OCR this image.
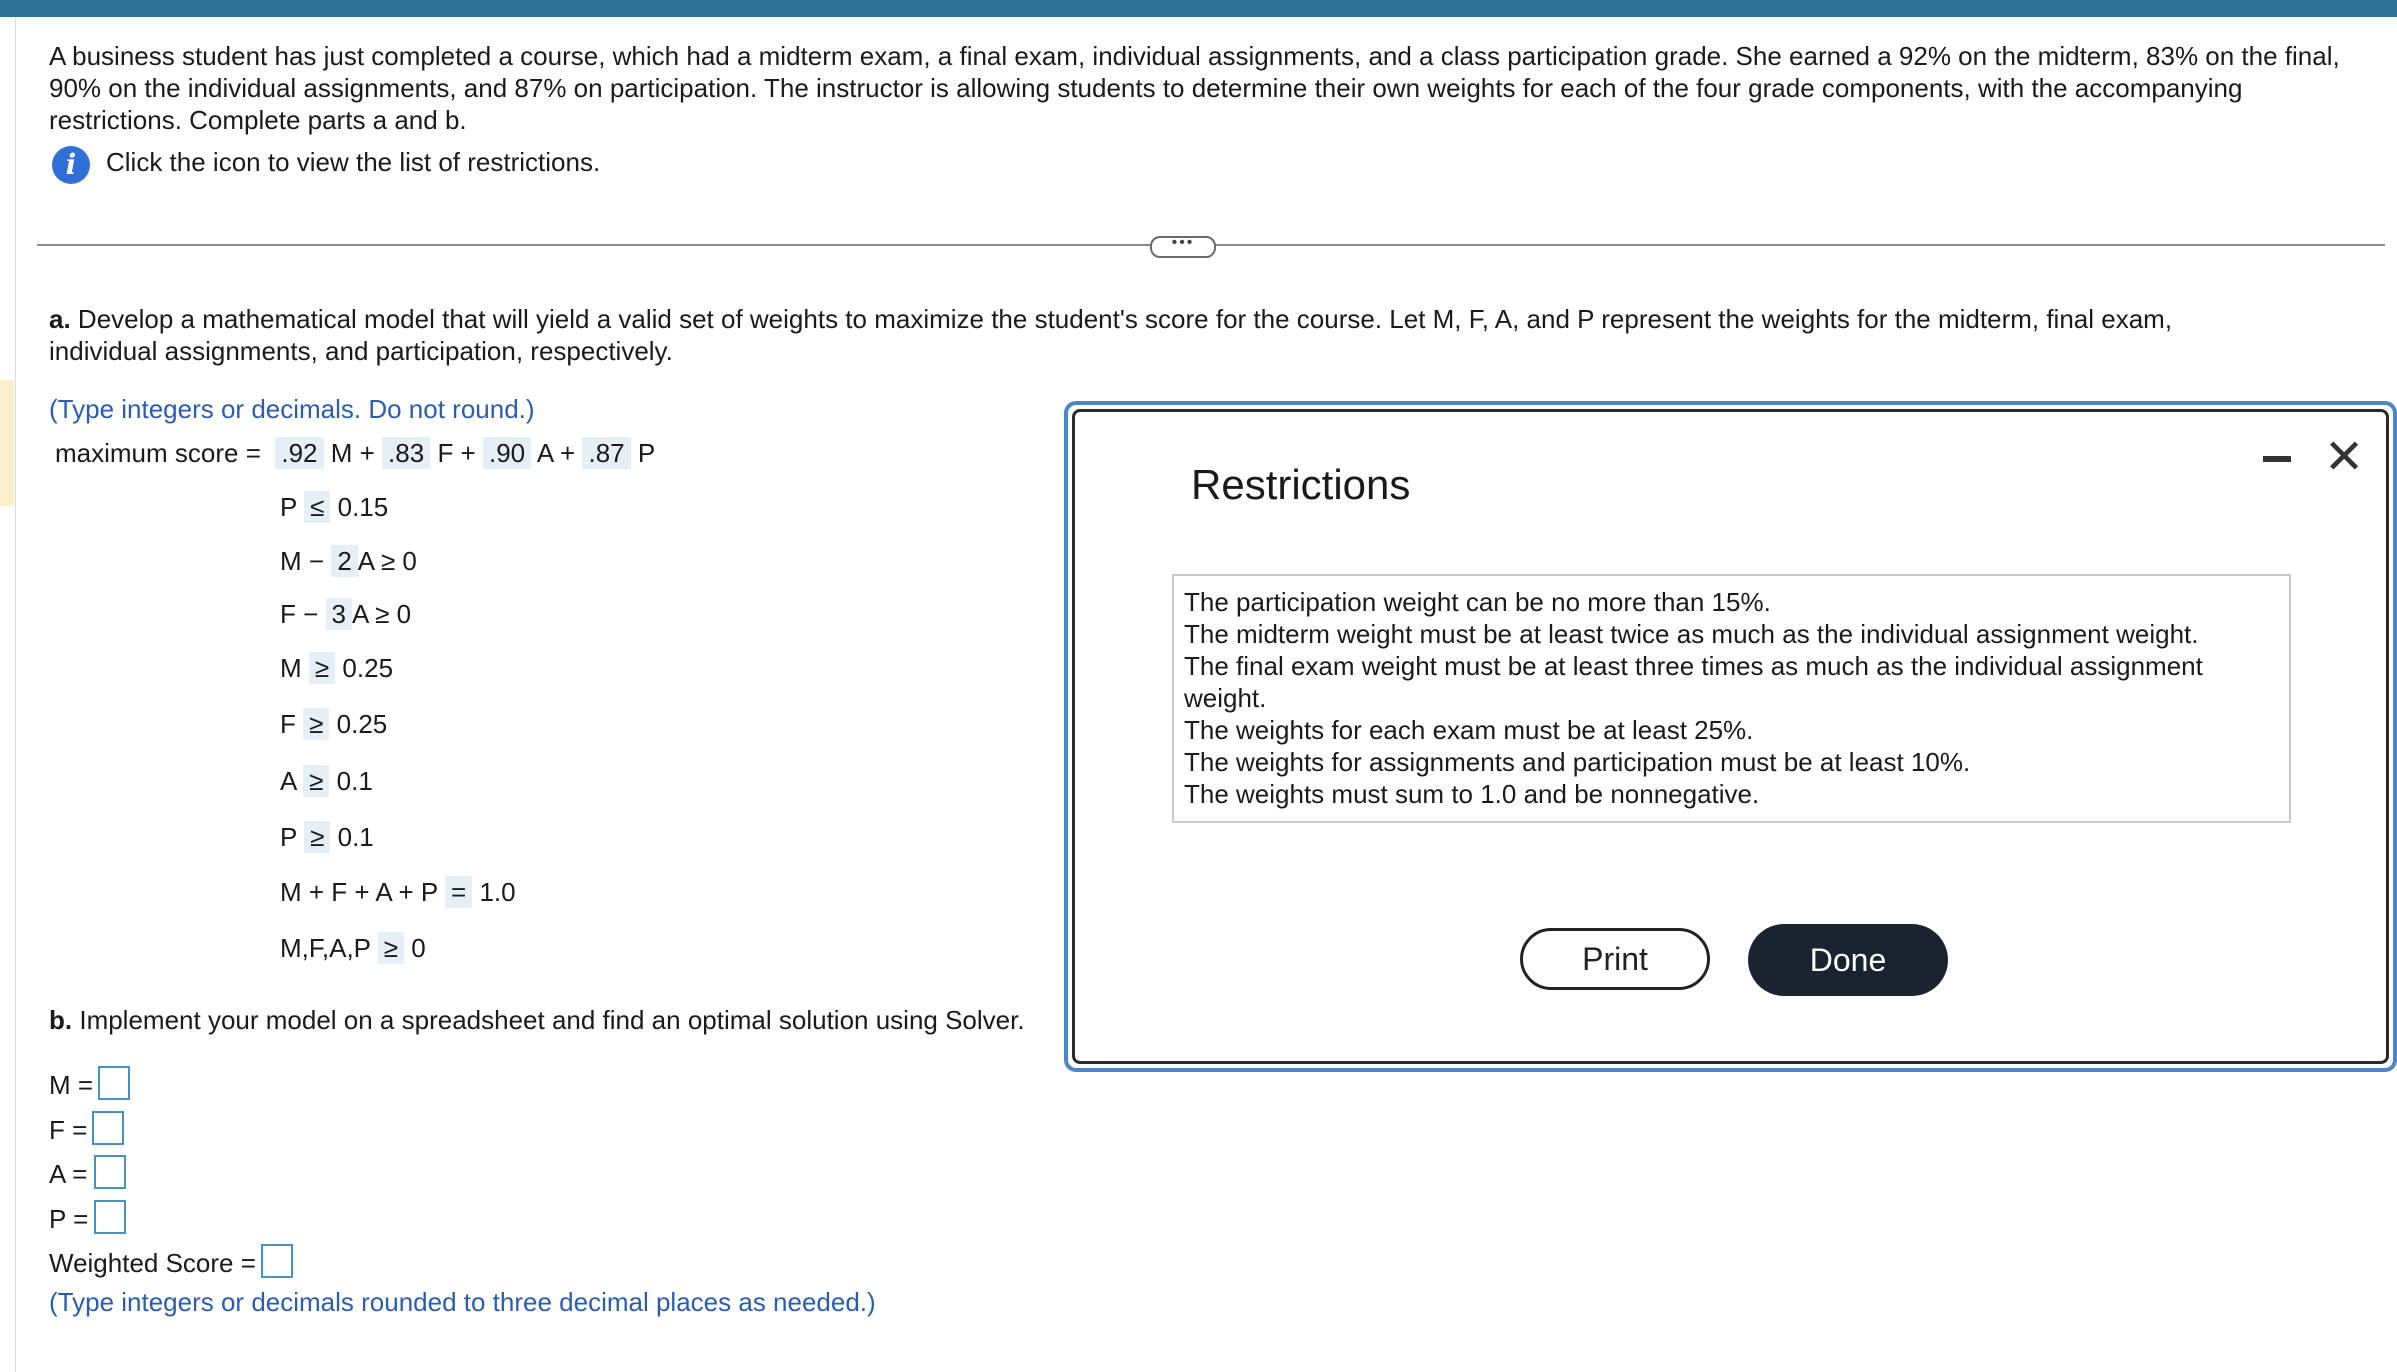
A business student has just completed a course, which had a midterm exam, a final exam, individual assignments, and a class participation grade. She earned a 92% on the midterm, 83% on the final, 90% on the individual assignments, and 87% on participation. The instructor is allowing students to determine their own weights for each of the four grade components, with the accompanying restrictions. Complete parts a and b.
i	Click the icon to view the list of restrictions.
•••
a. Develop a mathematical model that will yield a valid set of weights to maximize the student's score for the course. Let M, F, A, and P represent the weights for the midterm, final exam,
individual assignments, and participation, respectively.
(Type integers or decimals. Do not round.)
maximum score = .92 M + .83 F + .90 A + .87 P
P ≤ 0.15
M − 2 A ≥ 0
F − 3 A ≥ 0
M ≥ 0.25
F ≥ 0.25
A ≥ 0.1
P ≥ 0.1
M + F + A + P = 1.0
M,F,A,P ≥ 0
b. Implement your model on a spreadsheet and find an optimal solution using Solver.
M =
F =
A =
P =
Weighted Score =
(Type integers or decimals rounded to three decimal places as needed.)
Restrictions
✕
The participation weight can be no more than 15%.
The midterm weight must be at least twice as much as the individual assignment weight.
The final exam weight must be at least three times as much as the individual assignment
weight.
The weights for each exam must be at least 25%.
The weights for assignments and participation must be at least 10%.
The weights must sum to 1.0 and be nonnegative.
Print	Done
